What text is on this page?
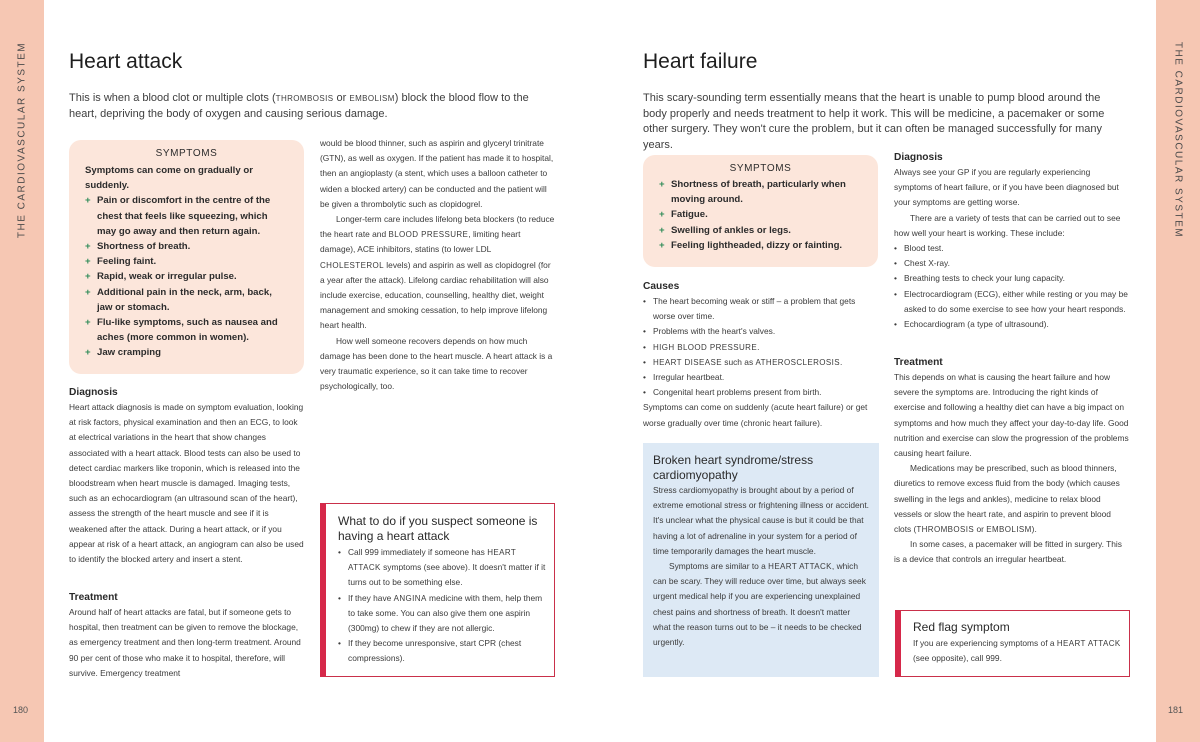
THE CARDIOVASCULAR SYSTEM	THE CARDIOVASCULAR SYSTEM
180	181
Heart attack
This is when a blood clot or multiple clots (THROMBOSIS or EMBOLISM) block the blood flow to the heart, depriving the body of oxygen and causing serious damage.
SYMPTOMS
Symptoms can come on gradually or suddenly.
+ Pain or discomfort in the centre of the chest that feels like squeezing, which may go away and then return again.
+ Shortness of breath.
+ Feeling faint.
+ Rapid, weak or irregular pulse.
+ Additional pain in the neck, arm, back, jaw or stomach.
+ Flu-like symptoms, such as nausea and aches (more common in women).
+ Jaw cramping
Diagnosis
Heart attack diagnosis is made on symptom evaluation, looking at risk factors, physical examination and then an ECG, to look at electrical variations in the heart that show changes associated with a heart attack. Blood tests can also be used to detect cardiac markers like troponin, which is released into the bloodstream when heart muscle is damaged. Imaging tests, such as an echocardiogram (an ultrasound scan of the heart), assess the strength of the heart muscle and see if it is weakened after the attack. During a heart attack, or if you appear at risk of a heart attack, an angiogram can also be used to identify the blocked artery and insert a stent.
Treatment
Around half of heart attacks are fatal, but if someone gets to hospital, then treatment can be given to remove the blockage, as emergency treatment and then long-term treatment. Around 90 per cent of those who make it to hospital, therefore, will survive. Emergency treatment

would be blood thinner, such as aspirin and glyceryl trinitrate (GTN), as well as oxygen. If the patient has made it to hospital, then an angioplasty (a stent, which uses a balloon catheter to widen a blocked artery) can be conducted and the patient will be given a thrombolytic such as clopidogrel.

Longer-term care includes lifelong beta blockers (to reduce the heart rate and BLOOD PRESSURE, limiting heart damage), ACE inhibitors, statins (to lower LDL CHOLESTEROL levels) and aspirin as well as clopidogrel (for a year after the attack). Lifelong cardiac rehabilitation will also include exercise, education, counselling, healthy diet, weight management and smoking cessation, to help improve lifelong heart health.

How well someone recovers depends on how much damage has been done to the heart muscle. A heart attack is a very traumatic experience, so it can take time to recover psychologically, too.

What to do if you suspect someone is having a heart attack
• Call 999 immediately if someone has HEART ATTACK symptoms (see above). It doesn't matter if it turns out to be something else.
• If they have ANGINA medicine with them, help them to take some. You can also give them one aspirin (300mg) to chew if they are not allergic.
• If they become unresponsive, start CPR (chest compressions).
Heart failure
This scary-sounding term essentially means that the heart is unable to pump blood around the body properly and needs treatment to help it work. This will be medicine, a pacemaker or some other surgery. They won't cure the problem, but it can often be managed successfully for many years.
SYMPTOMS
+ Shortness of breath, particularly when moving around.
+ Fatigue.
+ Swelling of ankles or legs.
+ Feeling lightheaded, dizzy or fainting.
Causes
• The heart becoming weak or stiff – a problem that gets worse over time.
• Problems with the heart's valves.
• HIGH BLOOD PRESSURE.
• HEART DISEASE such as ATHEROSCLEROSIS.
• Irregular heartbeat.
• Congenital heart problems present from birth.
Symptoms can come on suddenly (acute heart failure) or get worse gradually over time (chronic heart failure).
Broken heart syndrome/stress cardiomyopathy

Stress cardiomyopathy is brought about by a period of extreme emotional stress or frightening illness or accident. It's unclear what the physical cause is but it could be that having a lot of adrenaline in your system for a period of time temporarily damages the heart muscle.

Symptoms are similar to a HEART ATTACK, which can be scary. They will reduce over time, but always seek urgent medical help if you are experiencing unexplained chest pains and shortness of breath. It doesn't matter what the reason turns out to be – it needs to be checked urgently.

Diagnosis

Always see your GP if you are regularly experiencing symptoms of heart failure, or if you have been diagnosed but your symptoms are getting worse.

There are a variety of tests that can be carried out to see how well your heart is working. These include:

• Blood test.
• Chest X-ray.
• Breathing tests to check your lung capacity.
• Electrocardiogram (ECG), either while resting or you may be asked to do some exercise to see how your heart responds.
• Echocardiogram (a type of ultrasound).
Treatment

This depends on what is causing the heart failure and how severe the symptoms are. Introducing the right kinds of exercise and following a healthy diet can have a big impact on symptoms and how much they affect your day-to-day life. Good nutrition and exercise can slow the progression of the problems causing heart failure.

Medications may be prescribed, such as blood thinners, diuretics to remove excess fluid from the body (which causes swelling in the legs and ankles), medicine to relax blood vessels or slow the heart rate, and aspirin to prevent blood clots (THROMBOSIS or EMBOLISM).

In some cases, a pacemaker will be fitted in surgery. This is a device that controls an irregular heartbeat.

Red flag symptom
If you are experiencing symptoms of a HEART ATTACK (see opposite), call 999.
